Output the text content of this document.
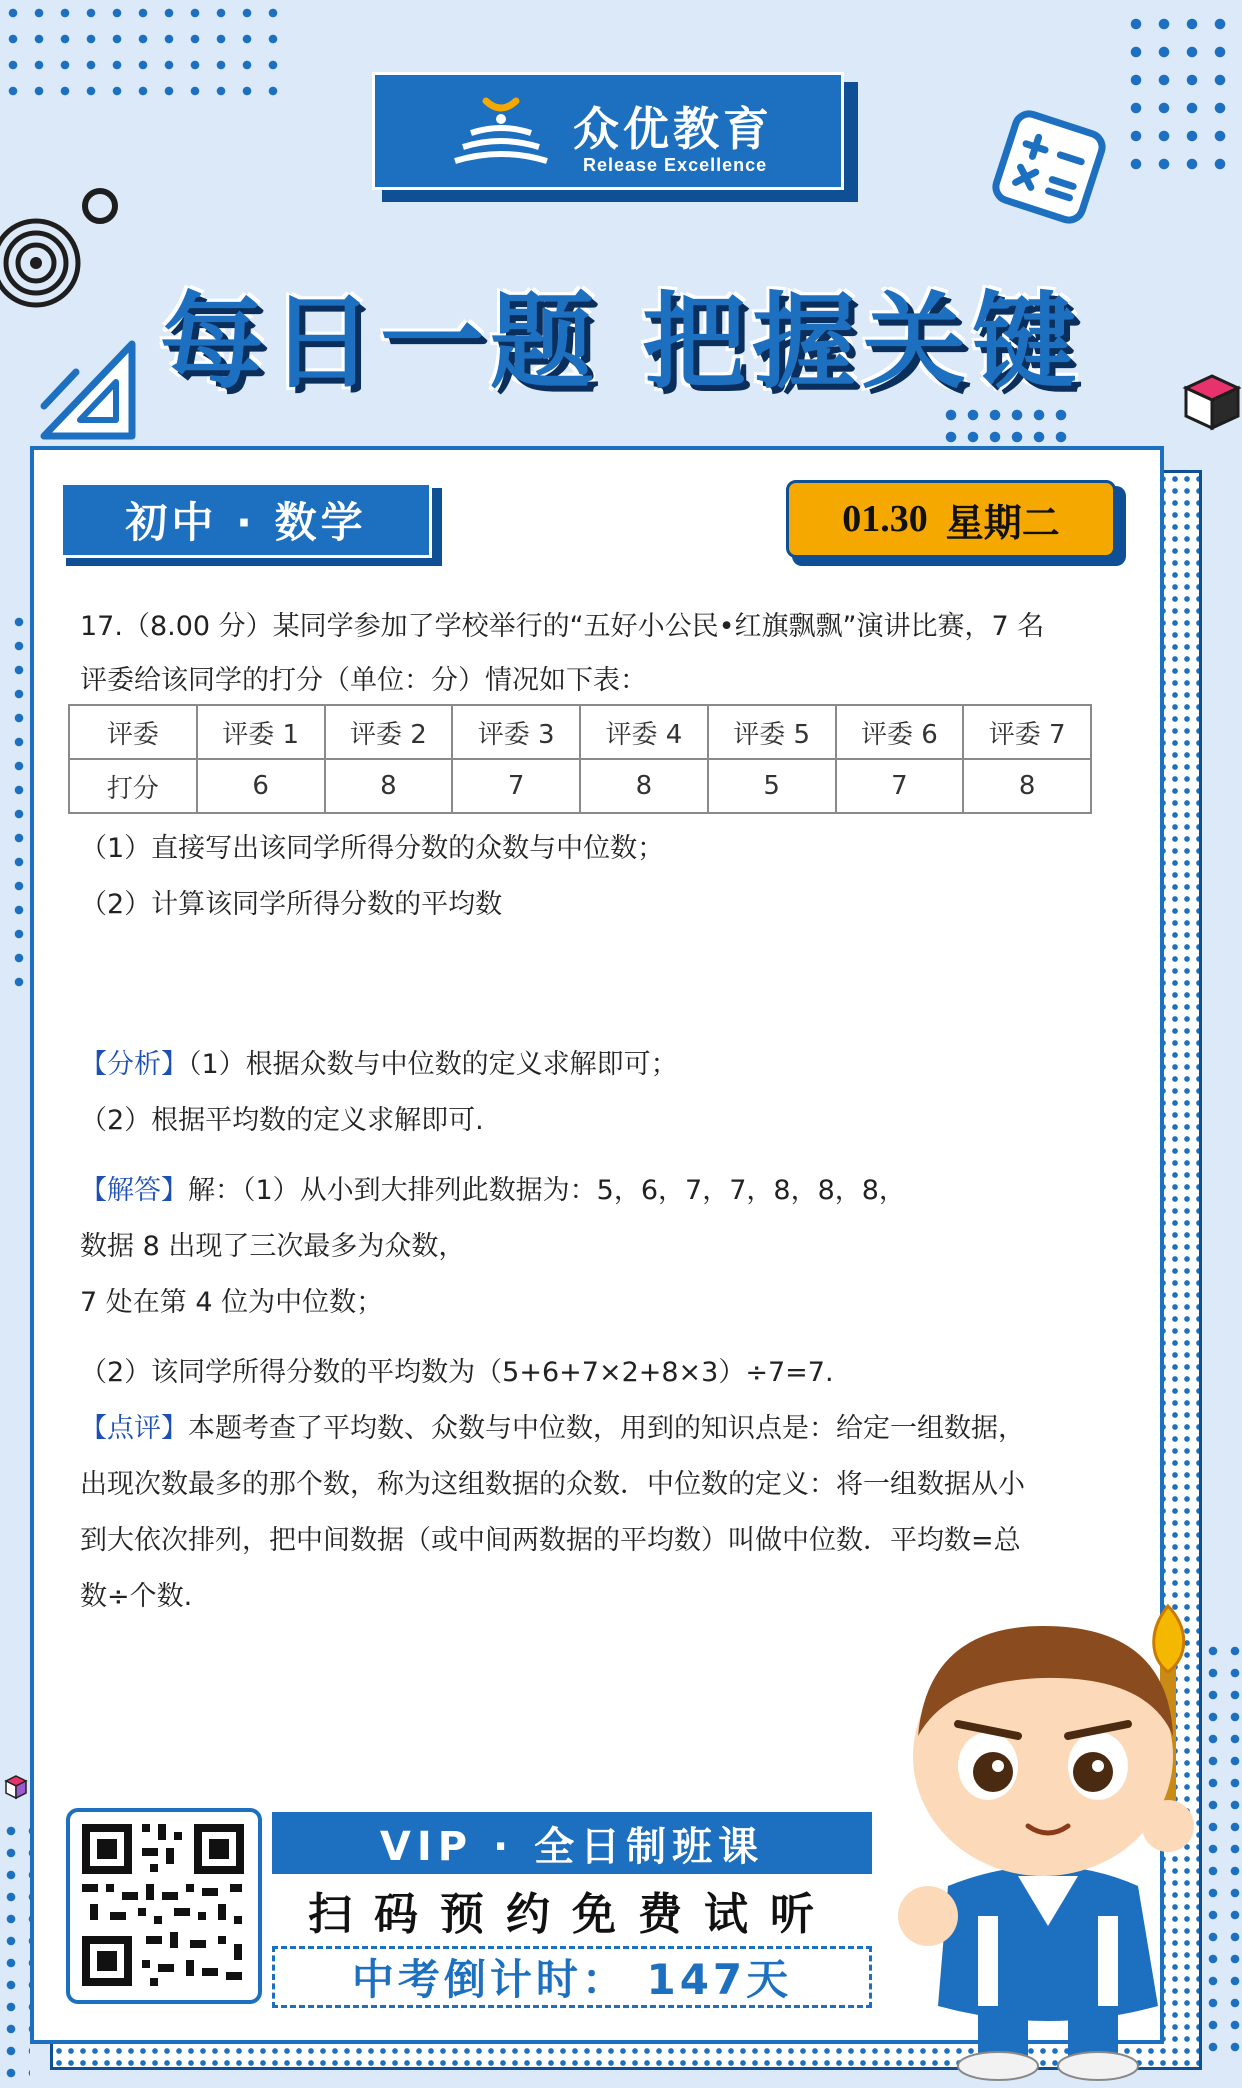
众优教育
Release Excellence
每日一题 把握关键
初中 · 数学	01.30 星期二
17.（8.00 分）某同学参加了学校举行的“五好小公民•红旗飘飘”演讲比赛，7 名
评委给该同学的打分（单位：分）情况如下表：
评委	评委 1	评委 2	评委 3	评委 4	评委 5	评委 6	评委 7
打分	6	8	7	8	5	7	8
（1）直接写出该同学所得分数的众数与中位数；
（2）计算该同学所得分数的平均数
【分析】（1）根据众数与中位数的定义求解即可；
（2）根据平均数的定义求解即可.
【解答】解：（1）从小到大排列此数据为：5，6，7，7，8，8，8，
数据 8 出现了三次最多为众数，
7 处在第 4 位为中位数；
（2）该同学所得分数的平均数为（5+6+7×2+8×3）÷7=7.
【点评】本题考查了平均数、众数与中位数，用到的知识点是：给定一组数据，
出现次数最多的那个数，称为这组数据的众数．中位数的定义：将一组数据从小
到大依次排列，把中间数据（或中间两数据的平均数）叫做中位数．平均数=总
数÷个数.
VIP · 全日制班课
扫码预约免费试听
中考倒计时： 147天
